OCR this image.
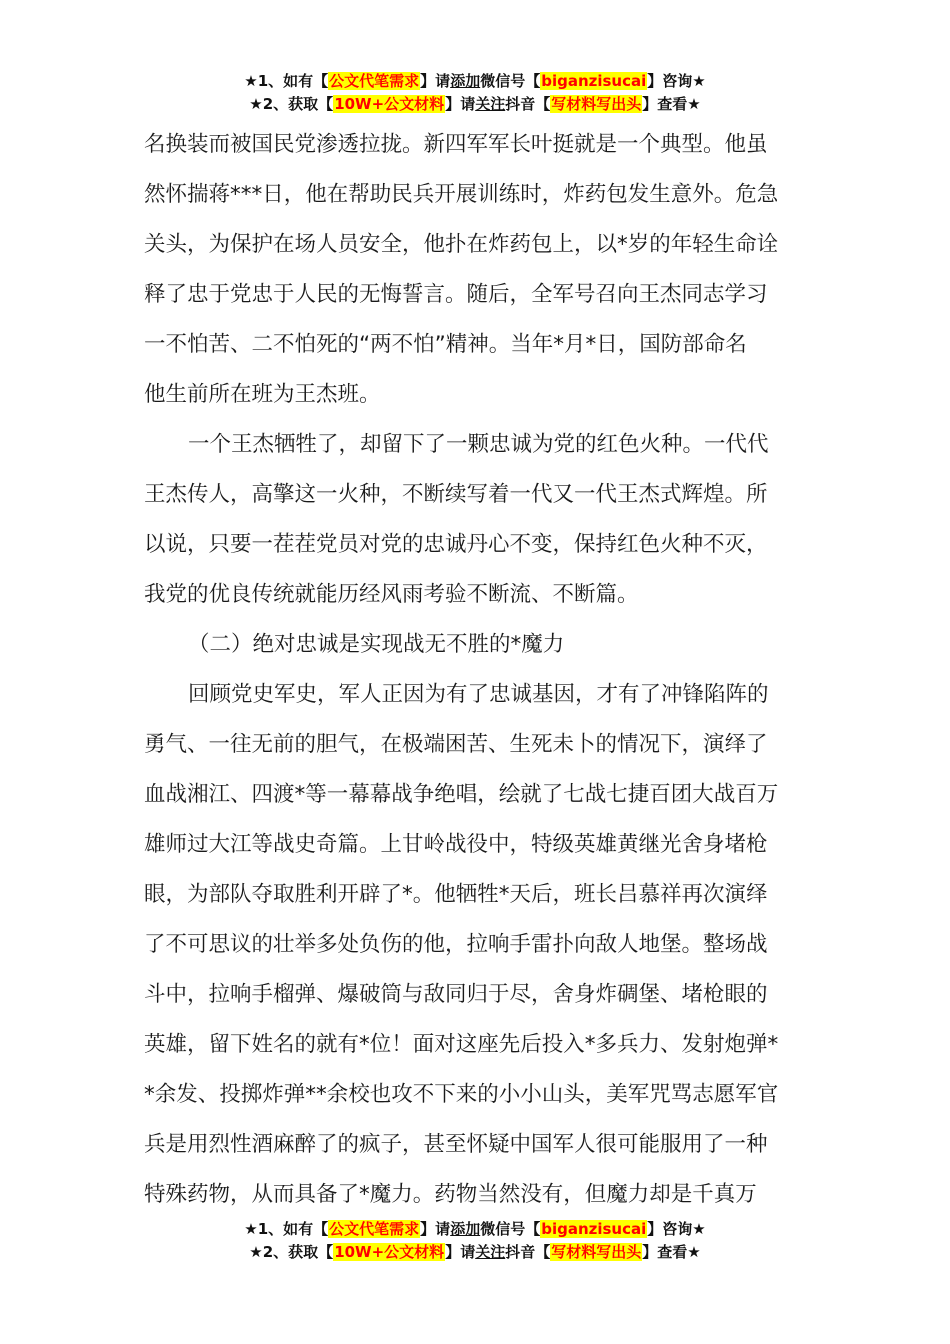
★1、如有【公文代笔需求】请添加微信号【biganzisucai】咨询★
★2、获取【10W+公文材料】请关注抖音【写材料写出头】查看★
名换装而被国民党渗透拉拢。新四军军长叶挺就是一个典型。他虽
然怀揣蒋***日，他在帮助民兵开展训练时，炸药包发生意外。危急
关头，为保护在场人员安全，他扑在炸药包上，以*岁的年轻生命诠
释了忠于党忠于人民的无悔誓言。随后，全军号召向王杰同志学习
一不怕苦、二不怕死的“两不怕”精神。当年*月*日，国防部命名
他生前所在班为王杰班。
一个王杰牺牲了，却留下了一颗忠诚为党的红色火种。一代代
王杰传人，高擎这一火种，不断续写着一代又一代王杰式辉煌。所
以说，只要一茬茬党员对党的忠诚丹心不变，保持红色火种不灭，
我党的优良传统就能历经风雨考验不断流、不断篇。
（二）绝对忠诚是实现战无不胜的*魔力
回顾党史军史，军人正因为有了忠诚基因，才有了冲锋陷阵的
勇气、一往无前的胆气，在极端困苦、生死未卜的情况下，演绎了
血战湘江、四渡*等一幕幕战争绝唱，绘就了七战七捷百团大战百万
雄师过大江等战史奇篇。上甘岭战役中，特级英雄黄继光舍身堵枪
眼，为部队夺取胜利开辟了*。他牺牲*天后，班长吕慕祥再次演绎
了不可思议的壮举多处负伤的他，拉响手雷扑向敌人地堡。整场战
斗中，拉响手榴弹、爆破筒与敌同归于尽，舍身炸碉堡、堵枪眼的
英雄，留下姓名的就有*位！面对这座先后投入*多兵力、发射炮弹*
*余发、投掷炸弹**余校也攻不下来的小小山头，美军咒骂志愿军官
兵是用烈性酒麻醉了的疯子，甚至怀疑中国军人很可能服用了一种
特殊药物，从而具备了*魔力。药物当然没有，但魔力却是千真万
★1、如有【公文代笔需求】请添加微信号【biganzisucai】咨询★
★2、获取【10W+公文材料】请关注抖音【写材料写出头】查看★
